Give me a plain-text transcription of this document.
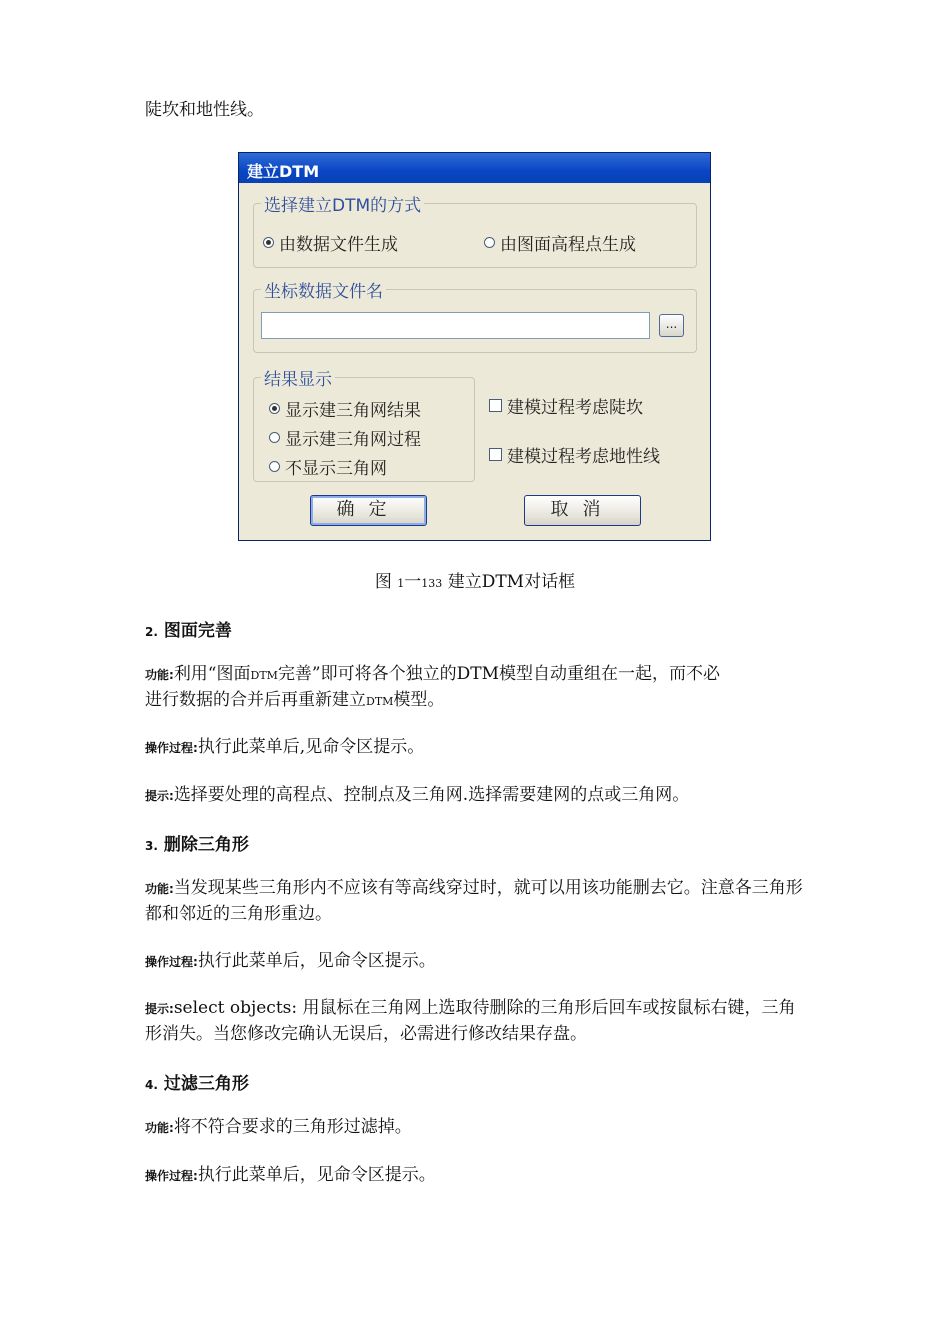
陡坎和地性线。

建立DTM
选择建立DTM的方式
由数据文件生成	由图面高程点生成
坐标数据文件名
...
结果显示
显示建三角网结果
显示建三角网过程
不显示三角网
建模过程考虑陡坎
建模过程考虑地性线
确定	取消
图 1一133 建立DTM对话框
2. 图面完善

功能:利用“图面DTM完善”即可将各个独立的DTM模型自动重组在一起，而不必
进行数据的合并后再重新建立DTM模型。

操作过程:执行此菜单后,见命令区提示。

提示:选择要处理的高程点、控制点及三角网.选择需要建网的点或三角网。

3. 删除三角形

功能:当发现某些三角形内不应该有等高线穿过时，就可以用该功能删去它。注意各三角形都和邻近的三角形重边。

操作过程:执行此菜单后，见命令区提示。

提示:select objects: 用鼠标在三角网上选取待删除的三角形后回车或按鼠标右键，三角形消失。当您修改完确认无误后，必需进行修改结果存盘。

4. 过滤三角形

功能:将不符合要求的三角形过滤掉。

操作过程:执行此菜单后，见命令区提示。
